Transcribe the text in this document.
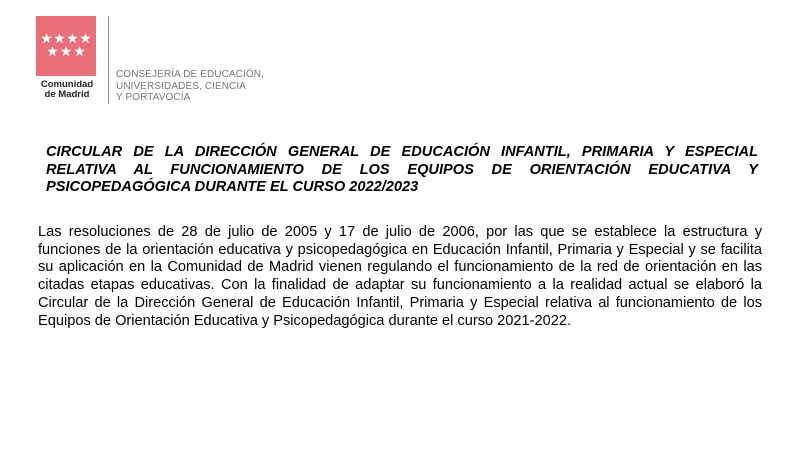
Comunidad
de Madrid
CONSEJERÍA DE EDUCACIÓN,
UNIVERSIDADES, CIENCIA
Y PORTAVOCÍA
CIRCULAR DE LA DIRECCIÓN GENERAL DE EDUCACIÓN INFANTIL, PRIMARIA Y ESPECIAL RELATIVA AL FUNCIONAMIENTO DE LOS EQUIPOS DE ORIENTACIÓN EDUCATIVA Y PSICOPEDAGÓGICA DURANTE EL CURSO 2022/2023
Las resoluciones de 28 de julio de 2005 y 17 de julio de 2006, por las que se establece la estructura y funciones de la orientación educativa y psicopedagógica en Educación Infantil, Primaria y Especial y se facilita su aplicación en la Comunidad de Madrid vienen regulando el funcionamiento de la red de orientación en las citadas etapas educativas. Con la finalidad de adaptar su funcionamiento a la realidad actual se elaboró la Circular de la Dirección General de Educación Infantil, Primaria y Especial relativa al funcionamiento de los Equipos de Orientación Educativa y Psicopedagógica durante el curso 2021-2022.
